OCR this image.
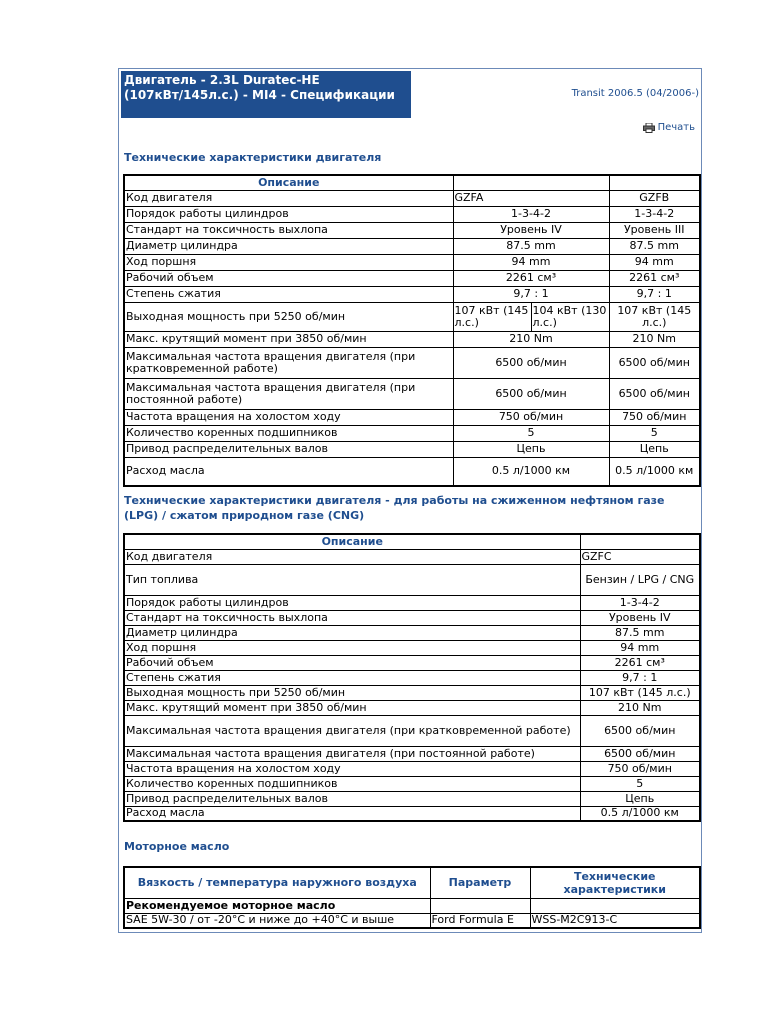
Двигатель - 2.3L Duratec-HE (107кВт/145л.с.) - MI4 - Спецификации	Transit 2006.5 (04/2006-)
Печать
Технические характеристики двигателя
Описание			
Код двигателя	GZFA		GZFB
Порядок работы цилиндров	1-3-4-2		1-3-4-2
Стандарт на токсичность выхлопа	Уровень IV		Уровень III
Диаметр цилиндра	87.5 mm		87.5 mm
Ход поршня	94 mm		94 mm
Рабочий объем	2261 см³		2261 см³
Степень сжатия	9,7 : 1		9,7 : 1
Выходная мощность при 5250 об/мин	107 кВт (145 л.с.)	104 кВт (130 л.с.)	107 кВт (145 л.с.)
Макс. крутящий момент при 3850 об/мин	210 Nm		210 Nm
Максимальная частота вращения двигателя (при кратковременной работе)	6500 об/мин		6500 об/мин
Максимальная частота вращения двигателя (при постоянной работе)	6500 об/мин		6500 об/мин
Частота вращения на холостом ходу	750 об/мин		750 об/мин
Количество коренных подшипников	5		5
Привод распределительных валов	Цепь		Цепь
Расход масла	0.5 л/1000 км		0.5 л/1000 км
Технические характеристики двигателя - для работы на сжиженном нефтяном газе (LPG) / сжатом природном газе (CNG)
Описание	
Код двигателя	GZFC
Тип топлива	Бензин / LPG / CNG
Порядок работы цилиндров	1-3-4-2
Стандарт на токсичность выхлопа	Уровень IV
Диаметр цилиндра	87.5 mm
Ход поршня	94 mm
Рабочий объем	2261 см³
Степень сжатия	9,7 : 1
Выходная мощность при 5250 об/мин	107 кВт (145 л.с.)
Макс. крутящий момент при 3850 об/мин	210 Nm
Максимальная частота вращения двигателя (при кратковременной работе)	6500 об/мин
Максимальная частота вращения двигателя (при постоянной работе)	6500 об/мин
Частота вращения на холостом ходу	750 об/мин
Количество коренных подшипников	5
Привод распределительных валов	Цепь
Расход масла	0.5 л/1000 км
Моторное масло
Вязкость / температура наружного воздуха	Параметр	Технические характеристики
Рекомендуемое моторное масло		
SAE 5W-30 / от -20°C и ниже до +40°C и выше	Ford Formula E	WSS-M2C913-C
